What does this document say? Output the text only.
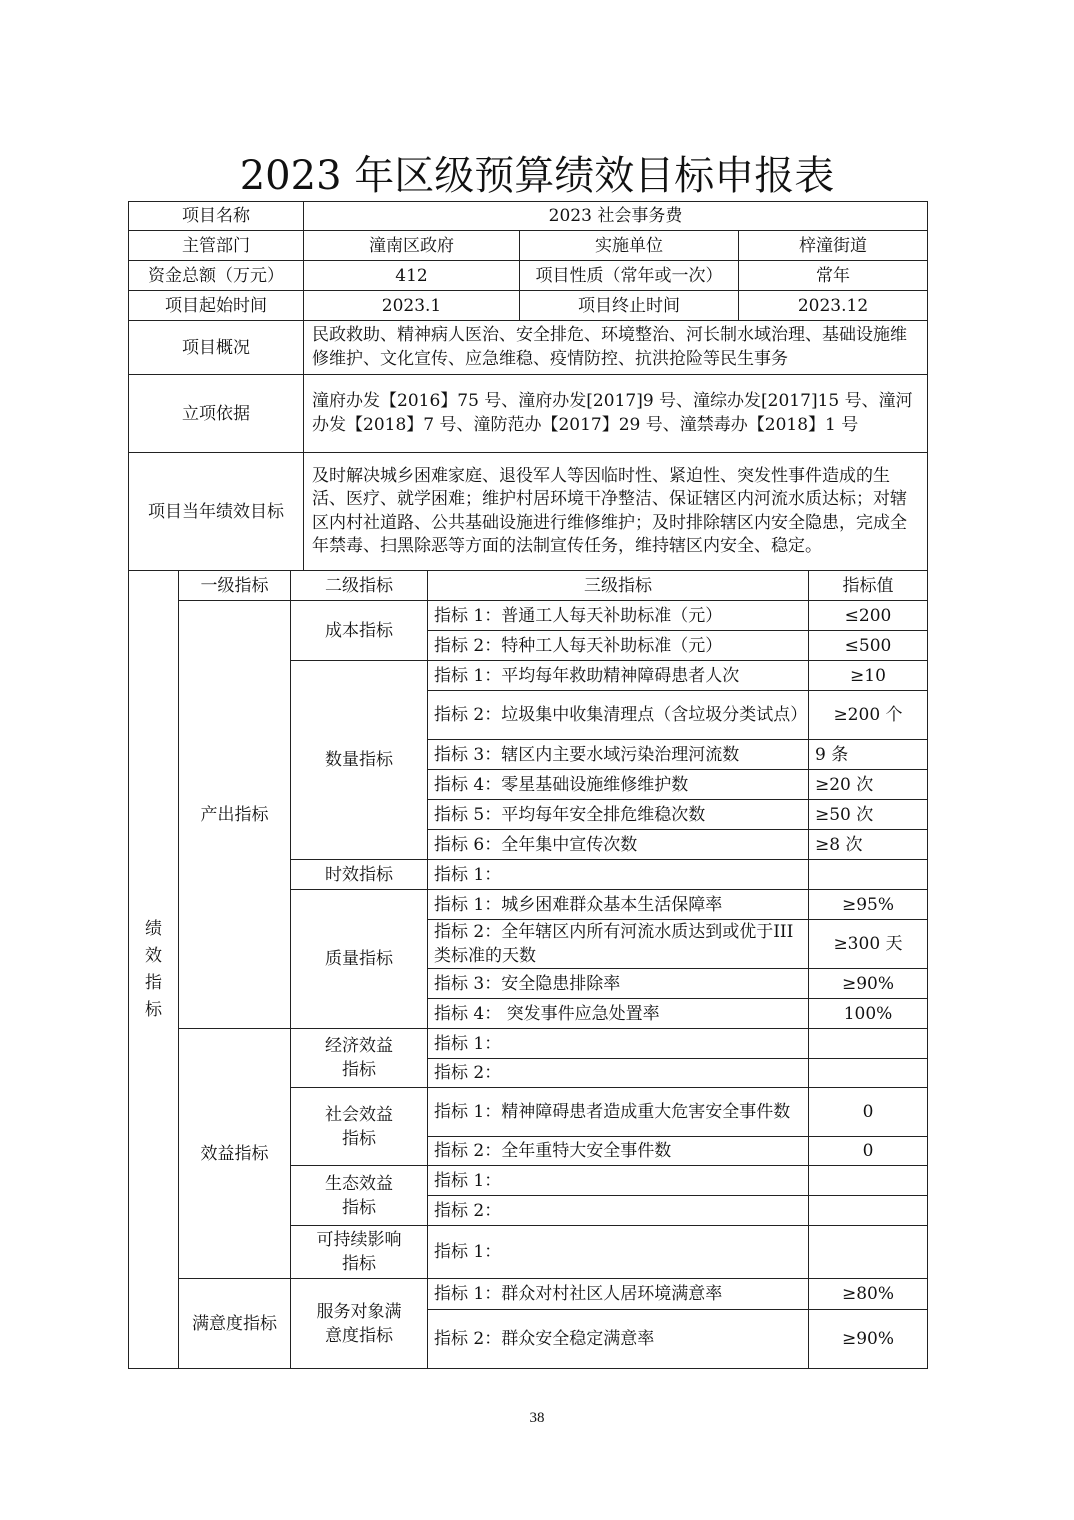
2023 年区级预算绩效目标申报表
项目名称	2023 社会事务费		
主管部门	潼南区政府	实施单位	梓潼街道
资金总额（万元）	412	项目性质（常年或一次）	常年
项目起始时间	2023.1	项目终止时间	2023.12
项目概况	民政救助、精神病人医治、安全排危、环境整治、河长制水域治理、基础设施维修维护、文化宣传、应急维稳、疫情防控、抗洪抢险等民生事务		
立项依据	潼府办发【2016】75 号、潼府办发[2017]9 号、潼综办发[2017]15 号、潼河办发【2018】7 号、潼防范办【2017】29 号、潼禁毒办【2018】1 号		
项目当年绩效目标	及时解决城乡困难家庭、退役军人等因临时性、紧迫性、突发性事件造成的生活、医疗、就学困难；维护村居环境干净整洁、保证辖区内河流水质达标；对辖区内村社道路、公共基础设施进行维修维护；及时排除辖区内安全隐患，完成全年禁毒、扫黑除恶等方面的法制宣传任务，维持辖区内安全、稳定。		
绩效指标	一级指标	二级指标	三级指标	指标值
	产出指标	成本指标	指标 1：普通工人每天补助标准（元）	≤200
			指标 2：特种工人每天补助标准（元）	≤500
		数量指标	指标 1：平均每年救助精神障碍患者人次	≥10
			指标 2：垃圾集中收集清理点（含垃圾分类试点）	≥200 个
			指标 3：辖区内主要水域污染治理河流数	9 条
			指标 4：零星基础设施维修维护数	≥20 次
			指标 5：平均每年安全排危维稳次数	≥50 次
			指标 6：全年集中宣传次数	≥8 次
		时效指标	指标 1：	
		质量指标	指标 1：城乡困难群众基本生活保障率	≥95%
			指标 2：全年辖区内所有河流水质达到或优于III类标准的天数	≥300 天
			指标 3：安全隐患排除率	≥90%
			指标 4： 突发事件应急处置率	100%
	效益指标	经济效益指标	指标 1：	
			指标 2：	
		社会效益指标	指标 1：精神障碍患者造成重大危害安全事件数	0
			指标 2：全年重特大安全事件数	0
		生态效益指标	指标 1：	
			指标 2：	
		可持续影响指标	指标 1：	
	满意度指标	服务对象满意度指标	指标 1：群众对村社区人居环境满意率	≥80%
			指标 2：群众安全稳定满意率	≥90%
38
